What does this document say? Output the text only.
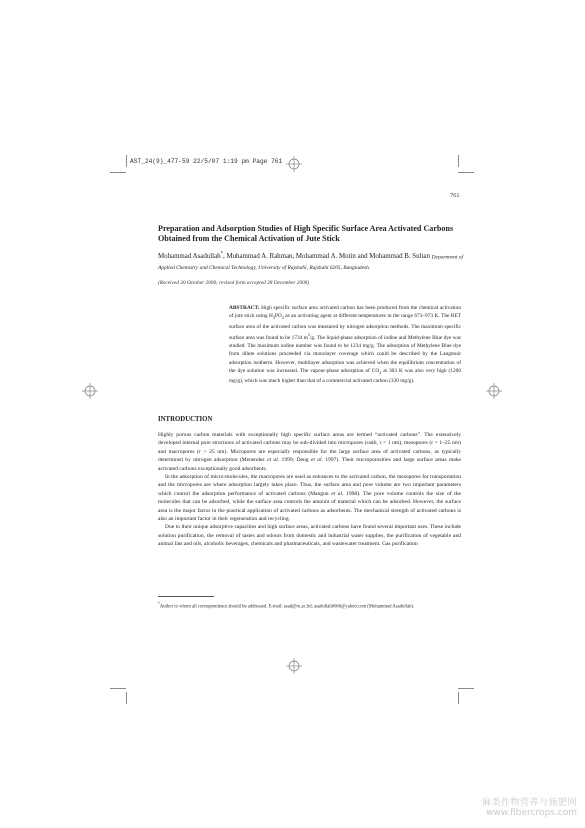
AST_24(9)_477-59 22/5/07 1:19 pm Page 761
761
Preparation and Adsorption Studies of High Specific Surface Area Activated Carbons Obtained from the Chemical Activation of Jute Stick
Mohammad Asadullah*, Muhammad A. Rahman, Mohammad A. Motin and Mohammad B. Sultan Department of Applied Chemistry and Chemical Technology, University of Rajshahi, Rajshahi 6205, Bangladesh.
(Received 30 October 2006; revised form accepted 28 December 2006)
ABSTRACT: High specific surface area activated carbon has been produced from the chemical activation of jute stick using $H_3PO_4$ as an activating agent at different temperatures in the range 673–973 K. The BET surface area of the activated carbon was measured by nitrogen adsorption methods. The maximum specific surface area was found to be 1734 $m^2/g$. The liquid-phase adsorption of iodine and Methylene Blue dye was studied. The maximum iodine number was found to be 1234 mg/g. The adsorption of Methylene Blue dye from dilute solutions proceeded via monolayer coverage which could be described by the Langmuir adsorption isotherm. However, multilayer adsorption was achieved when the equilibrium concentration of the dye solution was increased. The vapour-phase adsorption of $CO_2$ at 303 K was also very high (1200 mg/g), which was much higher than that of a commercial activated carbon (330 mg/g).
INTRODUCTION

Highly porous carbon materials with exceptionally high specific surface areas are termed “activated carbons”. The extensively developed internal pore structures of activated carbons may be sub-divided into micropores (radii, r < 1 nm), mesopores (r = 1–25 nm) and macropores (r > 25 nm). Micropores are especially responsible for the large surface area of activated carbons, as typically determined by nitrogen adsorption (Menendez et al. 1999; Deng et al. 1997). Their microporosities and large surface areas make activated carbons exceptionally good adsorbents.

In the adsorption of micro-molecules, the macropores are used as entrances to the activated carbon, the mesopores for transportation and the micropores are where adsorption largely takes place. Thus, the surface area and pore volume are two important parameters which control the adsorption performance of activated carbons (Mangun et al. 1998). The pore volume controls the size of the molecules that can be adsorbed, while the surface area controls the amount of material which can be adsorbed. However, the surface area is the major factor in the practical application of activated carbons as adsorbents. The mechanical strength of activated carbons is also an important factor in their regeneration and recycling.

Due to their unique adsorptive capacities and high surface areas, activated carbons have found several important uses. These include solution purification, the removal of tastes and odours from domestic and industrial water supplies, the purification of vegetable and animal fats and oils, alcoholic beverages, chemicals and pharmaceuticals, and wastewater treatment. Gas purification

*Author to whom all correspondence should be addressed. E-mail: asad@ru.ac.bd; asadullah6666@yahoo.com (Mohammad Asadullah).
麻类作物营养与施肥网
www.fibercrops.com
